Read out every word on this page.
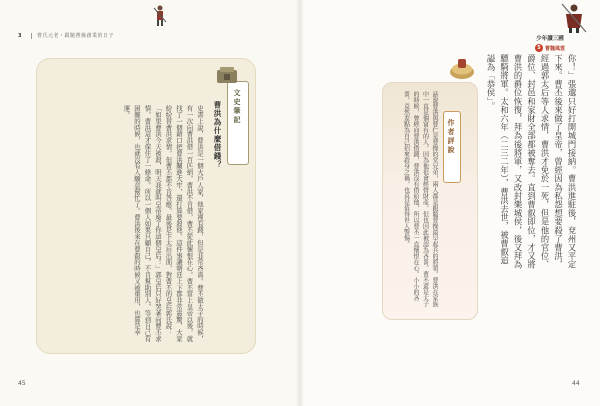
3	曹氏元老・跟隨曹操創業的日子	少年讀三國
5 曹魏風雲
你！」張邈只好打開城門接納。曹洪進駐後，兗州又平定下來。曹丕後來做了皇帝，曾經因為私怨想要殺了曹洪，經過郭太后等人求情，曹洪才免於一死，但是他的官位、爵位、封邑和家財全部都被奪去。直到曹叡即位，才又將曹洪的爵位恢復，拜為後將軍，又改封樂城侯，後又拜為驃騎將軍。太和六年（二三二年），曹洪去世，被曹叡追謚為「恭侯」。
作者評說
話說曹洪與曹仁是曹操的堂兄弟，兩人都是跟隨曹操最早起兵的將領。曹洪在家族中一直是個富有的人，因為他很會經營財產，但也因此被認為吝嗇。曹丕還是太子的時候，曾經向曹洪借錢，曹洪沒有借給他，所以曹丕一直懷恨在心。小小的吝嗇，竟然差點為自己招來殺身之禍，也真是值得世人警惕。
文史筆記
曹洪為什麼借錢？
史書上說，曹洪是一個大戶人家，他家裡有錢，但是非常吝嗇。曹丕做太子的時候，有一次向曹洪借一百匹絹，曹洪不肯借，曹丕從此懷恨在心。曹丕當上皇帝以後，就找了一個藉口把曹洪關進大牢，還打算要殺他。這件事讓朝廷上下都非常震驚，大家紛紛替曹洪求情，但曹丕都不肯答應。最後是卞太后出面，對曹丕的皇后郭氏說：「如果曹洪今天被殺，明天我就叫皇帝廢了你這個皇后！」郭皇后只好哭著向曹丕求情，曹洪這才保住了一條命。所以一個人如果只顧自己，不肯幫助別人，等到自己有困難的時候，也就沒有人願意幫忙了。曹洪後來在曹叡的時候又被重用，也算是幸運。
45	44
